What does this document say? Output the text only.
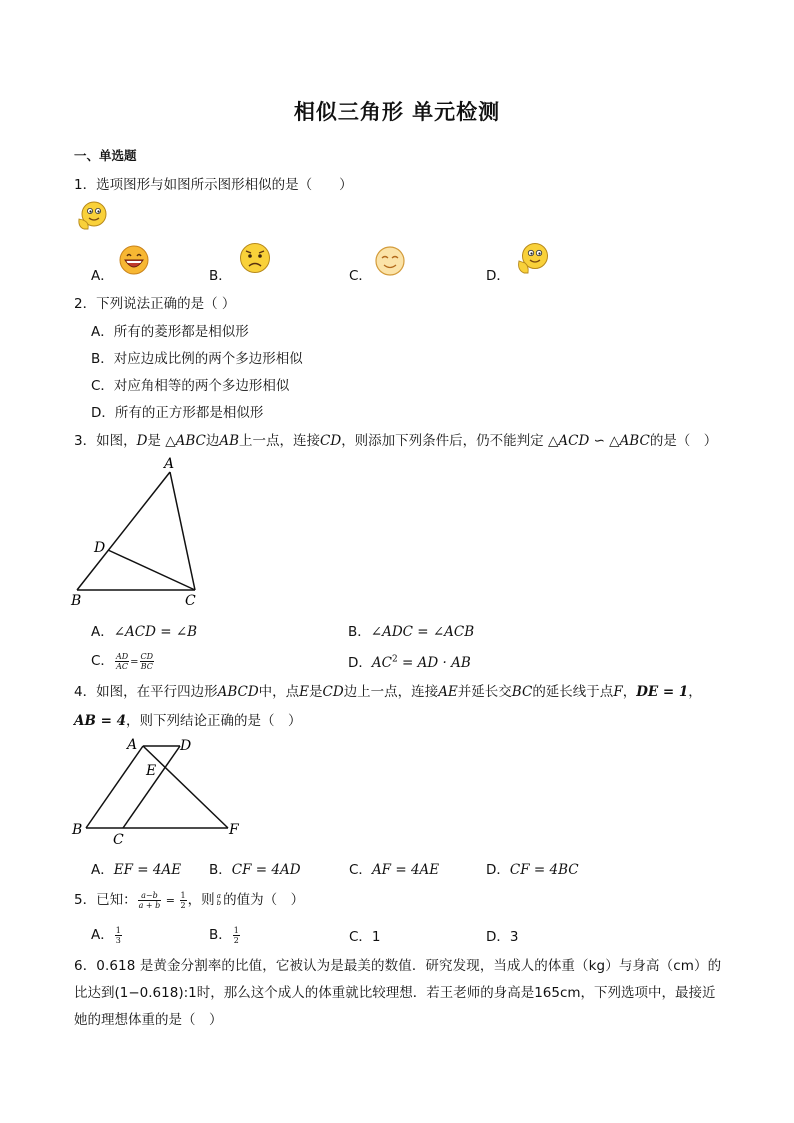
相似三角形 单元检测
一、单选题
1．选项图形与如图所示图形相似的是（　　）
A．	B．	C．	D．
2．下列说法正确的是（ ）
A．所有的菱形都是相似形
B．对应边成比例的两个多边形相似
C．对应角相等的两个多边形相似
D．所有的正方形都是相似形
3．如图，D是 △ABC边AB上一点，连接CD，则添加下列条件后，仍不能判定 △ACD ∽ △ABC的是（　）
A
D
B	C
A．∠ACD = ∠B	B．∠ADC = ∠ACB
C． $\frac{AD}{AC} = \frac{CD}{BC}$	D．$AC^2$ = AD · AB
4．如图，在平行四边形ABCD中，点E是CD边上一点，连接AE并延长交BC的延长线于点F，DE = 1，
AB = 4，则下列结论正确的是（　）
A	D
E
B
C
F
A．EF = 4AE B．CF = 4AD	C．AF = 4AE	D．CF = 4BC
5．已知： $\frac{a-b}{a + b} = \frac{1}{2}$ ，则 a
b 的值为（　）
A． $\frac{1}{3}$	B． $\frac{1}{2}$	C．1	D．3
6．0.618 是黄金分割率的比值，它被认为是最美的数值．研究发现，当成人的体重（kg）与身高（cm）的
比达到(1−0.618):1时，那么这个成人的体重就比较理想．若王老师的身高是165cm，下列选项中，最接近
她的理想体重的是（　）
